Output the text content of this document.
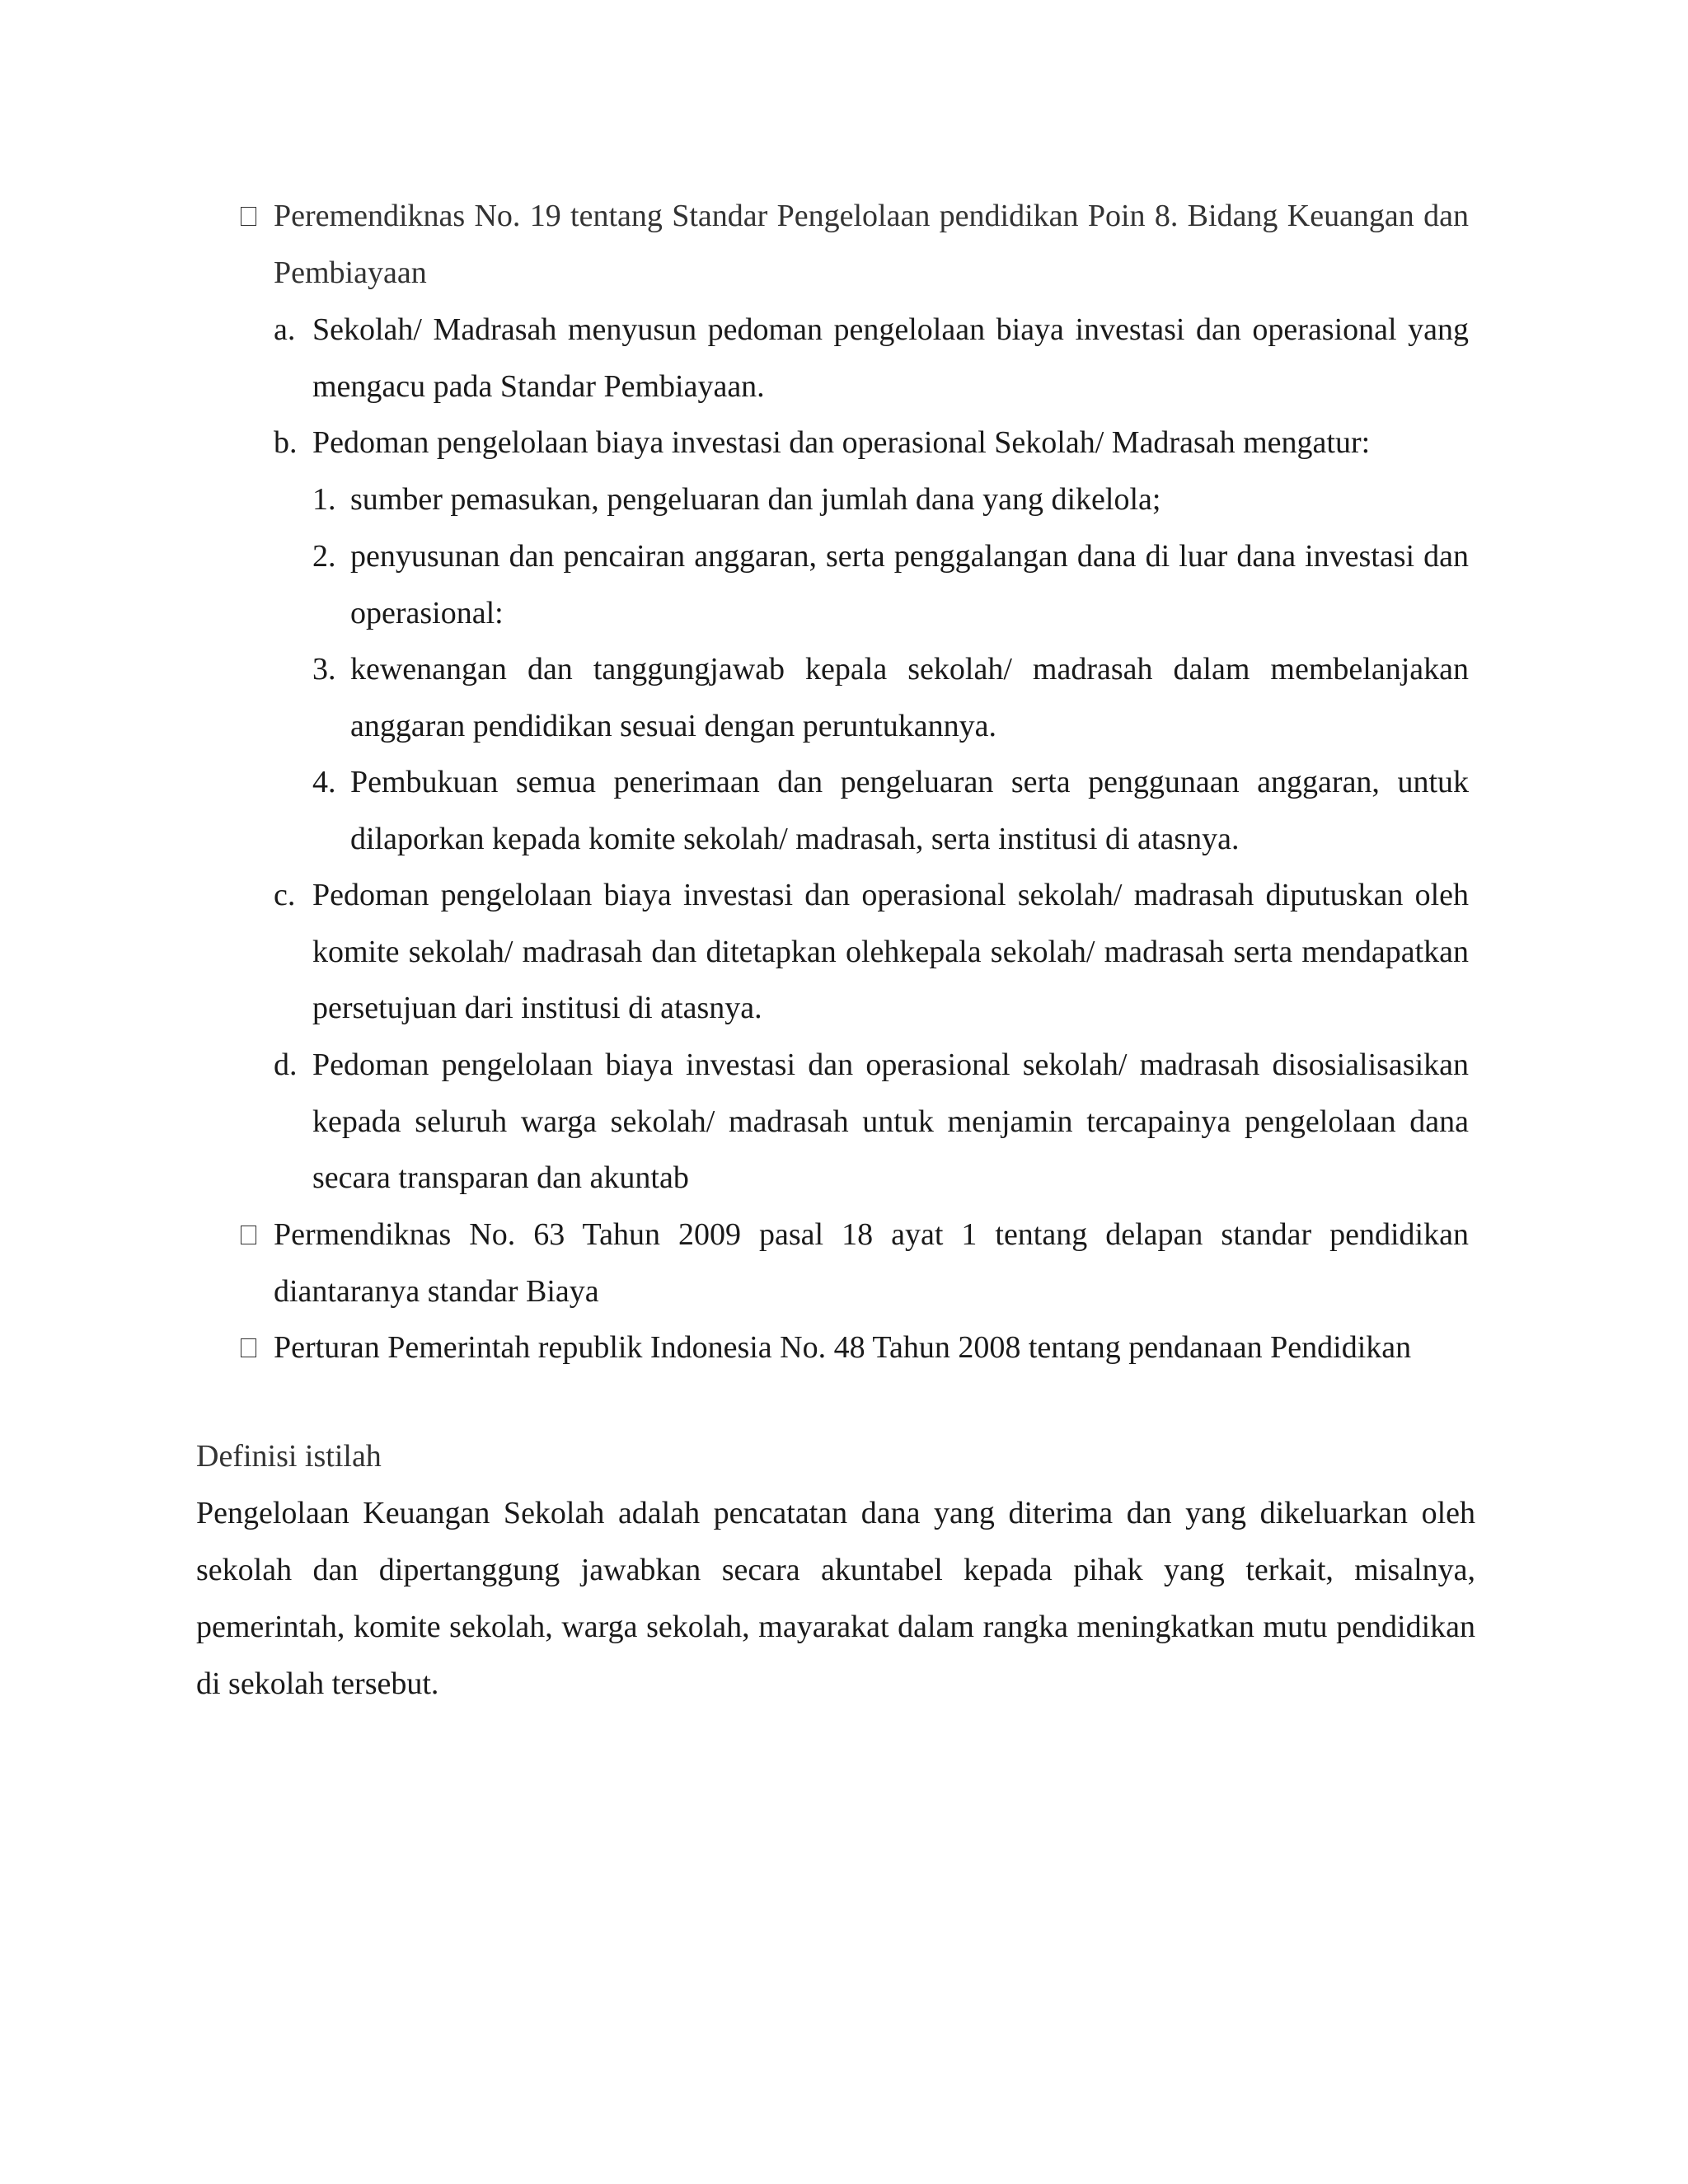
Peremendiknas No. 19 tentang Standar Pengelolaan pendidikan Poin 8. Bidang Keuangan dan Pembiayaan
a. Sekolah/ Madrasah menyusun pedoman pengelolaan biaya investasi dan operasional yang mengacu pada Standar Pembiayaan.
b. Pedoman pengelolaan biaya investasi dan operasional Sekolah/ Madrasah mengatur:
1. sumber pemasukan, pengeluaran dan jumlah dana yang dikelola;
2. penyusunan dan pencairan anggaran, serta penggalangan dana di luar dana investasi dan operasional:
3. kewenangan dan tanggungjawab kepala sekolah/ madrasah dalam membelanjakan anggaran pendidikan sesuai dengan peruntukannya.
4. Pembukuan semua penerimaan dan pengeluaran serta penggunaan anggaran, untuk dilaporkan kepada komite sekolah/ madrasah, serta institusi di atasnya.
c. Pedoman pengelolaan biaya investasi dan operasional sekolah/ madrasah diputuskan oleh komite sekolah/ madrasah dan ditetapkan olehkepala sekolah/ madrasah serta mendapatkan persetujuan dari institusi di atasnya.
d. Pedoman pengelolaan biaya investasi dan operasional sekolah/ madrasah disosialisasikan kepada seluruh warga sekolah/ madrasah untuk menjamin tercapainya pengelolaan dana secara transparan dan akuntab
Permendiknas No. 63 Tahun 2009 pasal 18 ayat 1 tentang delapan standar pendidikan diantaranya standar Biaya
Perturan Pemerintah republik Indonesia No. 48 Tahun 2008 tentang pendanaan Pendidikan
Definisi istilah
Pengelolaan Keuangan Sekolah adalah pencatatan dana yang diterima dan yang dikeluarkan oleh sekolah dan dipertanggung jawabkan secara akuntabel kepada pihak yang terkait, misalnya, pemerintah, komite sekolah, warga sekolah, mayarakat dalam rangka meningkatkan mutu pendidikan di sekolah tersebut.
